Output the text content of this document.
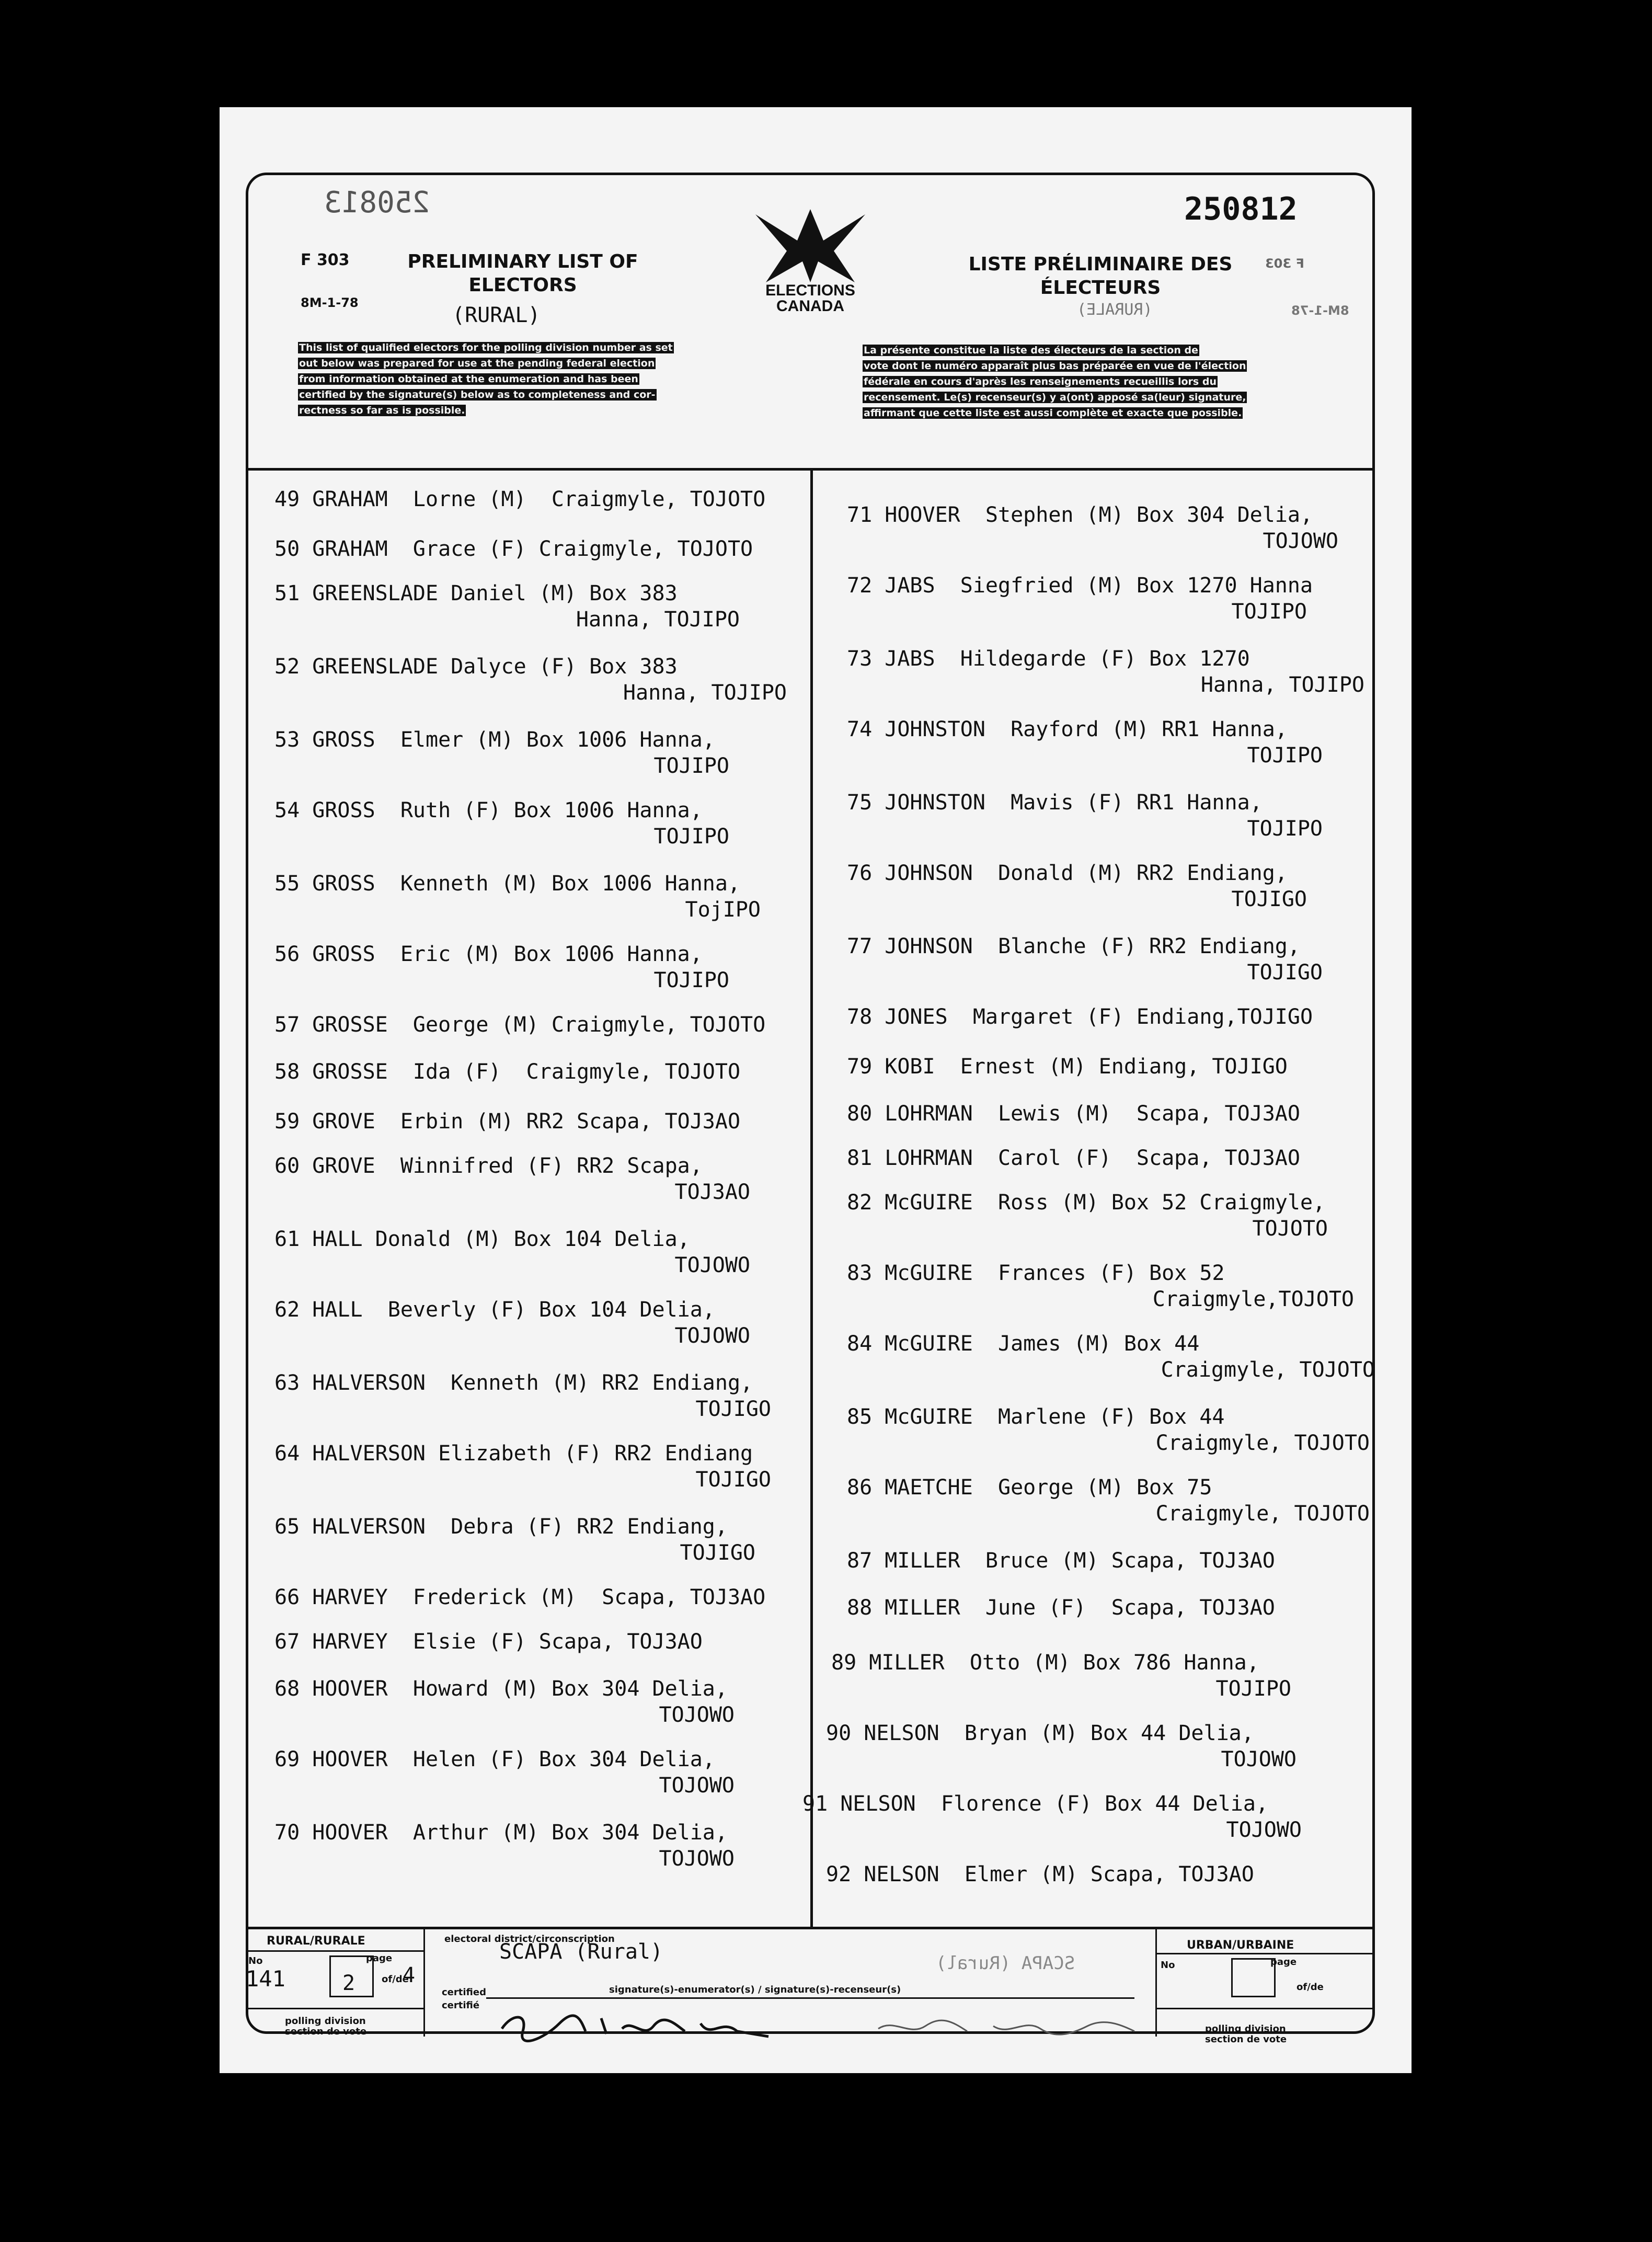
250813	250812
F 303
8M-1-78
PRELIMINARY LIST OF
ELECTORS
(RURAL)
ELECTIONS
CANADA
LISTE PRÉLIMINAIRE DES
ÉLECTEURS
F 303
(RURALE)	8M-1-78
This list of qualified electors for the polling division number as set
out below was prepared for use at the pending federal election
from information obtained at the enumeration and has been
certified by the signature(s) below as to completeness and cor-
rectness so far as is possible.
La présente constitue la liste des électeurs de la section de
vote dont le numéro apparaît plus bas préparée en vue de l'élection
fédérale en cours d'après les renseignements recueillis lors du
recensement. Le(s) recenseur(s) y a(ont) apposé sa(leur) signature,
affirmant que cette liste est aussi complète et exacte que possible.
49 GRAHAM  Lorne (M)  Craigmyle, TOJOTO
50 GRAHAM  Grace (F) Craigmyle, TOJOTO
51 GREENSLADE Daniel (M) Box 383
Hanna, TOJIPO
52 GREENSLADE Dalyce (F) Box 383
Hanna, TOJIPO
53 GROSS  Elmer (M) Box 1006 Hanna,
TOJIPO
54 GROSS  Ruth (F) Box 1006 Hanna,
TOJIPO
55 GROSS  Kenneth (M) Box 1006 Hanna,
TojIPO
56 GROSS  Eric (M) Box 1006 Hanna,
TOJIPO
57 GROSSE  George (M) Craigmyle, TOJOTO
58 GROSSE  Ida (F)  Craigmyle, TOJOTO
59 GROVE  Erbin (M) RR2 Scapa, TOJ3AO
60 GROVE  Winnifred (F) RR2 Scapa,
TOJ3AO
61 HALL Donald (M) Box 104 Delia,
TOJOWO
62 HALL  Beverly (F) Box 104 Delia,
TOJOWO
63 HALVERSON  Kenneth (M) RR2 Endiang,
TOJIGO
64 HALVERSON Elizabeth (F) RR2 Endiang
TOJIGO
65 HALVERSON  Debra (F) RR2 Endiang,
TOJIGO
66 HARVEY  Frederick (M)  Scapa, TOJ3AO
67 HARVEY  Elsie (F) Scapa, TOJ3AO
68 HOOVER  Howard (M) Box 304 Delia,
TOJOWO
69 HOOVER  Helen (F) Box 304 Delia,
TOJOWO
70 HOOVER  Arthur (M) Box 304 Delia,
TOJOWO
71 HOOVER  Stephen (M) Box 304 Delia,
TOJOWO
72 JABS  Siegfried (M) Box 1270 Hanna
TOJIPO
73 JABS  Hildegarde (F) Box 1270
Hanna, TOJIPO
74 JOHNSTON  Rayford (M) RR1 Hanna,
TOJIPO
75 JOHNSTON  Mavis (F) RR1 Hanna,
TOJIPO
76 JOHNSON  Donald (M) RR2 Endiang,
TOJIGO
77 JOHNSON  Blanche (F) RR2 Endiang,
TOJIGO
78 JONES  Margaret (F) Endiang,TOJIGO
79 KOBI  Ernest (M) Endiang, TOJIGO
80 LOHRMAN  Lewis (M)  Scapa, TOJ3AO
81 LOHRMAN  Carol (F)  Scapa, TOJ3AO
82 McGUIRE  Ross (M) Box 52 Craigmyle,
TOJOTO
83 McGUIRE  Frances (F) Box 52
Craigmyle,TOJOTO
84 McGUIRE  James (M) Box 44
Craigmyle, TOJOTO
85 McGUIRE  Marlene (F) Box 44
Craigmyle, TOJOTO
86 MAETCHE  George (M) Box 75
Craigmyle, TOJOTO
87 MILLER  Bruce (M) Scapa, TOJ3AO
88 MILLER  June (F)  Scapa, TOJ3AO
89 MILLER  Otto (M) Box 786 Hanna,
TOJIPO
90 NELSON  Bryan (M) Box 44 Delia,
TOJOWO
91 NELSON  Florence (F) Box 44 Delia,
TOJOWO
92 NELSON  Elmer (M) Scapa, TOJ3AO
RURAL/RURALE
No
141
page
2	of/de
4
polling division
section de vote
electoral district/circonscription
SCAPA (Rural)	SCAPA (Rural)
certified
certifié
signature(s)-enumerator(s) / signature(s)-recenseur(s)
URBAN/URBAINE
No	page
of/de
polling division
section de vote
